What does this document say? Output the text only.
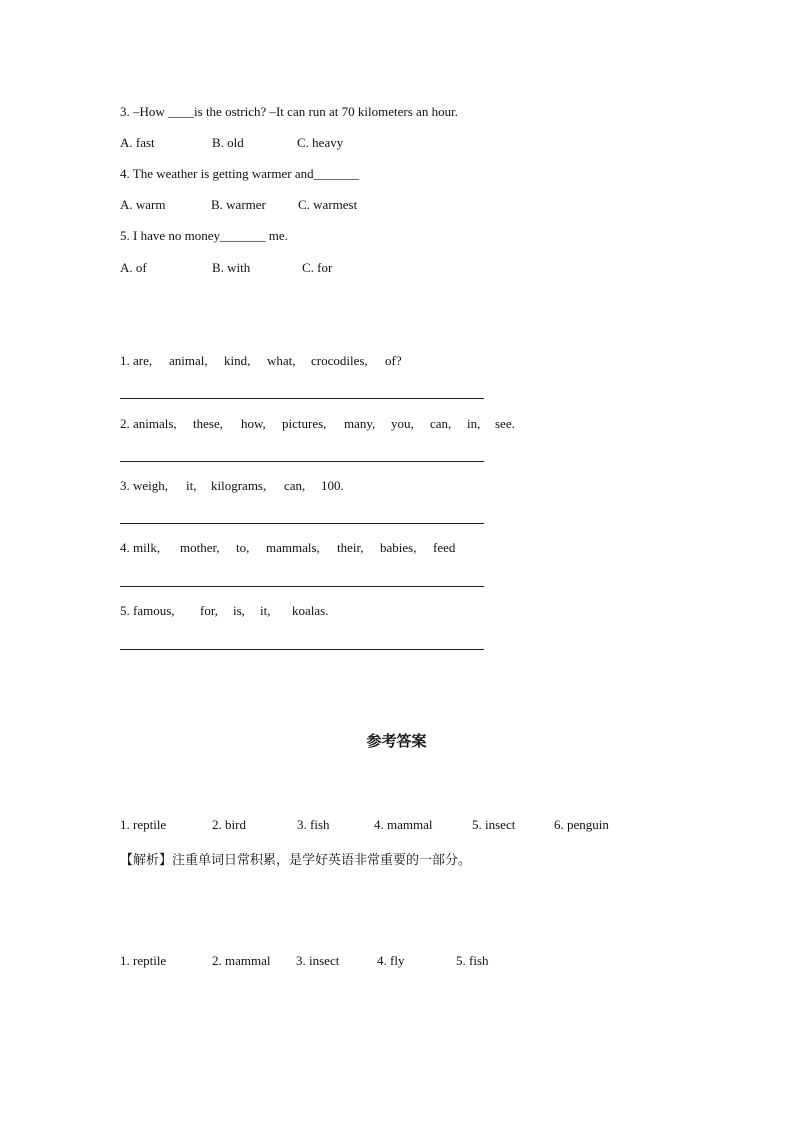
3. –How ____is the ostrich? –It can run at 70 kilometers an hour.
A. fast	B. old	C. heavy
4. The weather is getting warmer and_______
A. warm	B. warmer C. warmest
5. I have no money_______ me.
A. of	B. with	C. for
1. are, animal, kind, what, crocodiles, of?
2. animals, these, how, pictures, many, you, can, in, see.
3. weigh, it, kilograms, can, 100.
4. milk, mother, to, mammals, their, babies, feed
5. famous, for, is, it, koalas.
参考答案
1. reptile	2. bird	3. fish	4. mammal	5. insect	6. penguin
【解析】注重单词日常积累，是学好英语非常重要的一部分。
1. reptile	2. mammal 3. insect	4. fly	5. fish
